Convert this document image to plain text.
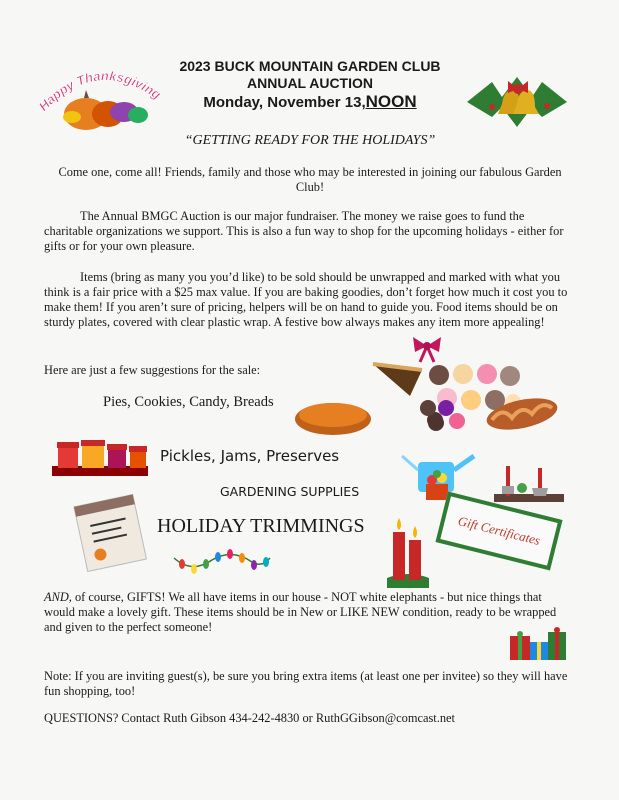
Happy Thanksgiving
2023 BUCK MOUNTAIN GARDEN CLUB
ANNUAL AUCTION
Monday, November 13,NOON
“GETTING READY FOR THE HOLIDAYS”
Come one, come all! Friends, family and those who may be interested in joining our fabulous Garden Club!
The Annual BMGC Auction is our major fundraiser. The money we raise goes to fund the charitable organizations we support. This is also a fun way to shop for the upcoming holidays - either for gifts or for your own pleasure.
Items (bring as many you you’d like) to be sold should be unwrapped and marked with what you think is a fair price with a $25 max value. If you are baking goodies, don’t forget how much it cost you to make them! If you aren’t sure of pricing, helpers will be on hand to guide you. Food items should be on sturdy plates, covered with clear plastic wrap. A festive bow always makes any item more appealing!
Here are just a few suggestions for the sale:
Pies, Cookies, Candy, Breads
Pickles, Jams, Preserves
GARDENING SUPPLIES
HOLIDAY TRIMMINGS	Gift Certificates
AND, of course, GIFTS! We all have items in our house - NOT white elephants - but nice things that would make a lovely gift. These items should be in New or LIKE NEW condition, ready to be wrapped and given to the perfect someone!
Note: If you are inviting guest(s), be sure you bring extra items (at least one per invitee) so they will have fun shopping, too!
QUESTIONS? Contact Ruth Gibson 434-242-4830 or RuthGGibson@comcast.net
